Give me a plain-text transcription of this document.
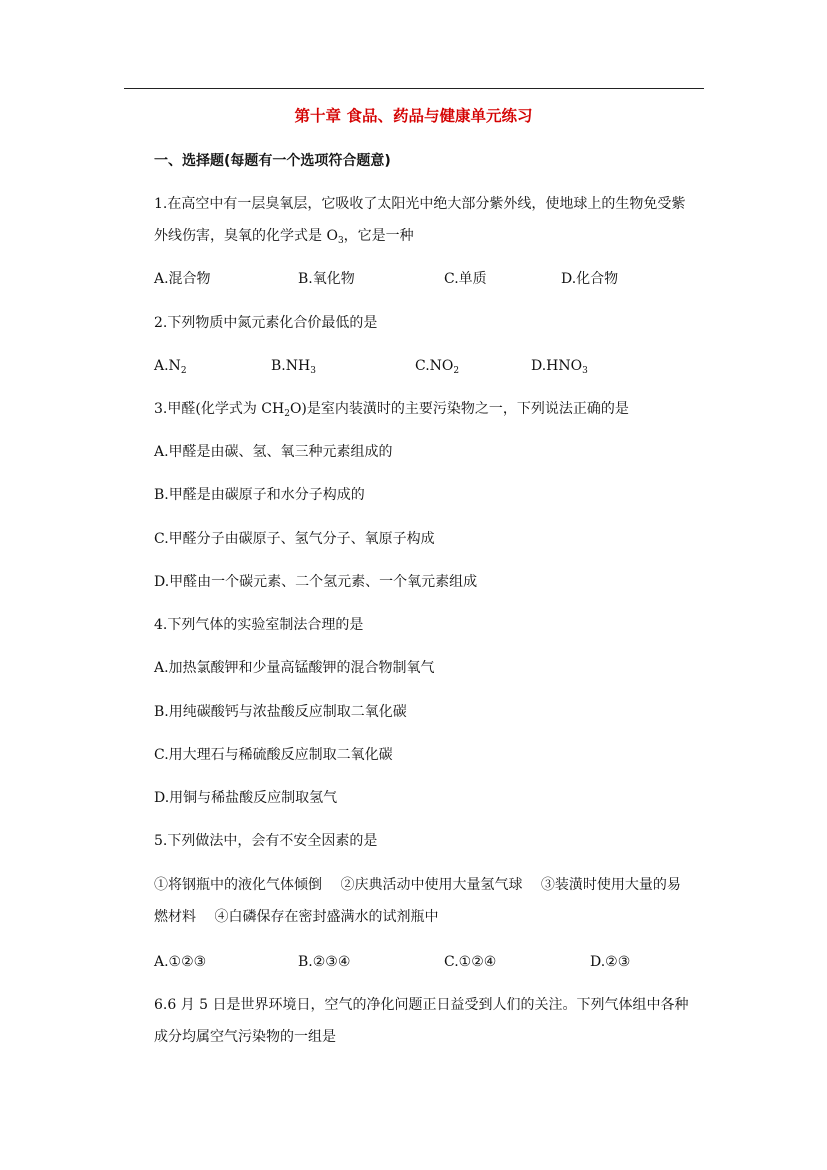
第十章 食品、药品与健康单元练习
一、选择题(每题有一个选项符合题意)
1.在高空中有一层臭氧层，它吸收了太阳光中绝大部分紫外线，使地球上的生物免受紫
外线伤害，臭氧的化学式是 $O_3$，它是一种
A.混合物	B.氧化物	C.单质	D.化合物
2.下列物质中氮元素化合价最低的是
$A.N_2$	$B.NH_3$	$C.NO_2$	$D.HNO_3$
3.甲醛(化学式为 $CH_2O$)是室内装潢时的主要污染物之一，下列说法正确的是
A.甲醛是由碳、氢、氧三种元素组成的
B.甲醛是由碳原子和水分子构成的
C.甲醛分子由碳原子、氢气分子、氧原子构成
D.甲醛由一个碳元素、二个氢元素、一个氧元素组成
4.下列气体的实验室制法合理的是
A.加热氯酸钾和少量高锰酸钾的混合物制氧气
B.用纯碳酸钙与浓盐酸反应制取二氧化碳
C.用大理石与稀硫酸反应制取二氧化碳
D.用铜与稀盐酸反应制取氢气
5.下列做法中，会有不安全因素的是
①将钢瓶中的液化气体倾倒　 ②庆典活动中使用大量氢气球　 ③装潢时使用大量的易
燃材料　 ④白磷保存在密封盛满水的试剂瓶中
A.①②③	B.②③④	C.①②④	D.②③
6.6 月 5 日是世界环境日，空气的净化问题正日益受到人们的关注。下列气体组中各种
成分均属空气污染物的一组是
